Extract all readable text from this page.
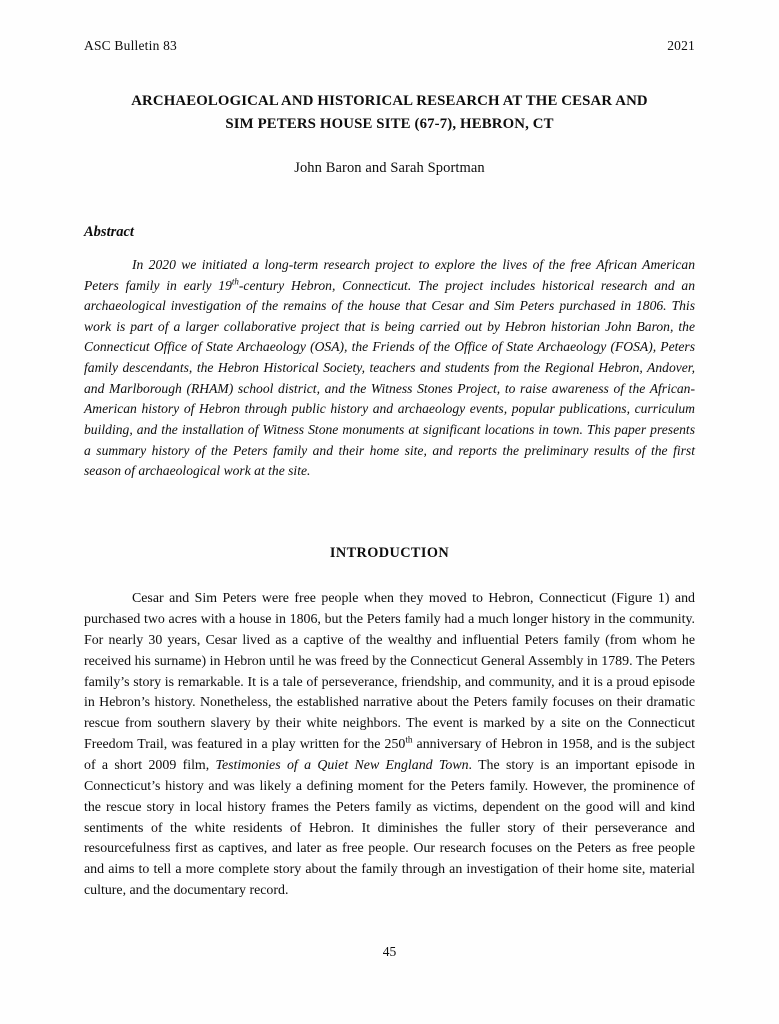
ASC Bulletin 83	2021
ARCHAEOLOGICAL AND HISTORICAL RESEARCH AT THE CESAR AND
SIM PETERS HOUSE SITE (67-7), HEBRON, CT
John Baron and Sarah Sportman
Abstract

In 2020 we initiated a long-term research project to explore the lives of the free African American Peters family in early 19th-century Hebron, Connecticut. The project includes historical research and an archaeological investigation of the remains of the house that Cesar and Sim Peters purchased in 1806. This work is part of a larger collaborative project that is being carried out by Hebron historian John Baron, the Connecticut Office of State Archaeology (OSA), the Friends of the Office of State Archaeology (FOSA), Peters family descendants, the Hebron Historical Society, teachers and students from the Regional Hebron, Andover, and Marlborough (RHAM) school district, and the Witness Stones Project, to raise awareness of the African-American history of Hebron through public history and archaeology events, popular publications, curriculum building, and the installation of Witness Stone monuments at significant locations in town. This paper presents a summary history of the Peters family and their home site, and reports the preliminary results of the first season of archaeological work at the site.

INTRODUCTION

Cesar and Sim Peters were free people when they moved to Hebron, Connecticut (Figure 1) and purchased two acres with a house in 1806, but the Peters family had a much longer history in the community. For nearly 30 years, Cesar lived as a captive of the wealthy and influential Peters family (from whom he received his surname) in Hebron until he was freed by the Connecticut General Assembly in 1789. The Peters family’s story is remarkable. It is a tale of perseverance, friendship, and community, and it is a proud episode in Hebron’s history. Nonetheless, the established narrative about the Peters family focuses on their dramatic rescue from southern slavery by their white neighbors. The event is marked by a site on the Connecticut Freedom Trail, was featured in a play written for the 250th anniversary of Hebron in 1958, and is the subject of a short 2009 film, Testimonies of a Quiet New England Town. The story is an important episode in Connecticut’s history and was likely a defining moment for the Peters family. However, the prominence of the rescue story in local history frames the Peters family as victims, dependent on the good will and kind sentiments of the white residents of Hebron. It diminishes the fuller story of their perseverance and resourcefulness first as captives, and later as free people. Our research focuses on the Peters as free people and aims to tell a more complete story about the family through an investigation of their home site, material culture, and the documentary record.

45
